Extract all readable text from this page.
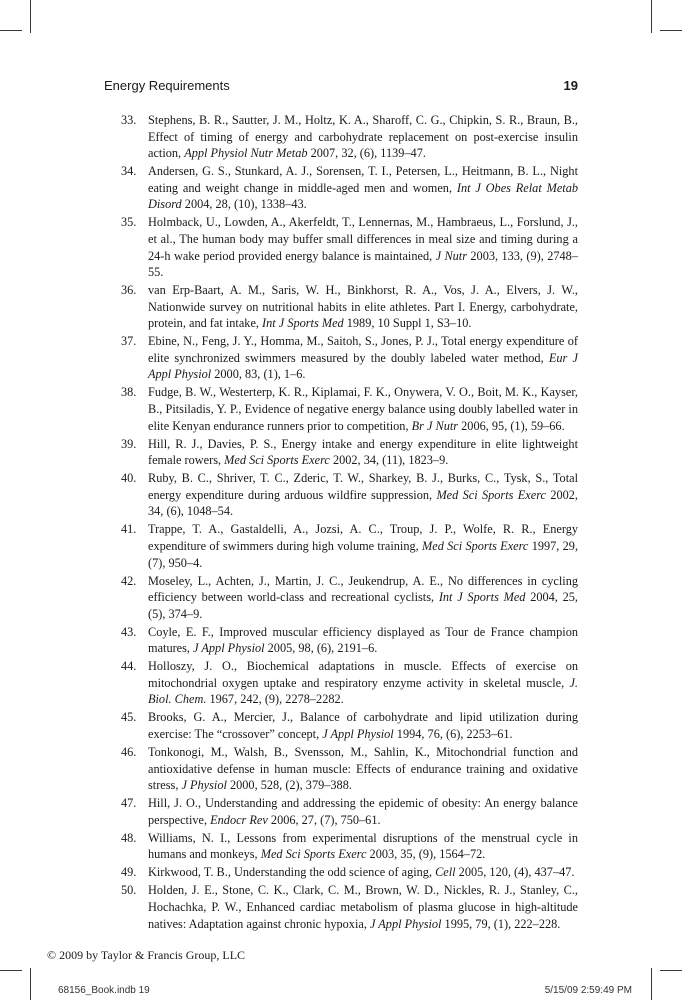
Energy Requirements	19
33. Stephens, B. R., Sautter, J. M., Holtz, K. A., Sharoff, C. G., Chipkin, S. R., Braun, B., Effect of timing of energy and carbohydrate replacement on post-exercise insulin action, Appl Physiol Nutr Metab 2007, 32, (6), 1139–47.
34. Andersen, G. S., Stunkard, A. J., Sorensen, T. I., Petersen, L., Heitmann, B. L., Night eating and weight change in middle-aged men and women, Int J Obes Relat Metab Disord 2004, 28, (10), 1338–43.
35. Holmback, U., Lowden, A., Akerfeldt, T., Lennernas, M., Hambraeus, L., Forslund, J., et al., The human body may buffer small differences in meal size and timing during a 24-h wake period provided energy balance is maintained, J Nutr 2003, 133, (9), 2748–55.
36. van Erp-Baart, A. M., Saris, W. H., Binkhorst, R. A., Vos, J. A., Elvers, J. W., Nationwide survey on nutritional habits in elite athletes. Part I. Energy, carbohydrate, protein, and fat intake, Int J Sports Med 1989, 10 Suppl 1, S3–10.
37. Ebine, N., Feng, J. Y., Homma, M., Saitoh, S., Jones, P. J., Total energy expenditure of elite synchronized swimmers measured by the doubly labeled water method, Eur J Appl Physiol 2000, 83, (1), 1–6.
38. Fudge, B. W., Westerterp, K. R., Kiplamai, F. K., Onywera, V. O., Boit, M. K., Kayser, B., Pitsiladis, Y. P., Evidence of negative energy balance using doubly labelled water in elite Kenyan endurance runners prior to competition, Br J Nutr 2006, 95, (1), 59–66.
39. Hill, R. J., Davies, P. S., Energy intake and energy expenditure in elite lightweight female rowers, Med Sci Sports Exerc 2002, 34, (11), 1823–9.
40. Ruby, B. C., Shriver, T. C., Zderic, T. W., Sharkey, B. J., Burks, C., Tysk, S., Total energy expenditure during arduous wildfire suppression, Med Sci Sports Exerc 2002, 34, (6), 1048–54.
41. Trappe, T. A., Gastaldelli, A., Jozsi, A. C., Troup, J. P., Wolfe, R. R., Energy expenditure of swimmers during high volume training, Med Sci Sports Exerc 1997, 29, (7), 950–4.
42. Moseley, L., Achten, J., Martin, J. C., Jeukendrup, A. E., No differences in cycling efficiency between world-class and recreational cyclists, Int J Sports Med 2004, 25, (5), 374–9.
43. Coyle, E. F., Improved muscular efficiency displayed as Tour de France champion matures, J Appl Physiol 2005, 98, (6), 2191–6.
44. Holloszy, J. O., Biochemical adaptations in muscle. Effects of exercise on mitochondrial oxygen uptake and respiratory enzyme activity in skeletal muscle, J. Biol. Chem. 1967, 242, (9), 2278–2282.
45. Brooks, G. A., Mercier, J., Balance of carbohydrate and lipid utilization during exercise: The “crossover” concept, J Appl Physiol 1994, 76, (6), 2253–61.
46. Tonkonogi, M., Walsh, B., Svensson, M., Sahlin, K., Mitochondrial function and antioxidative defense in human muscle: Effects of endurance training and oxidative stress, J Physiol 2000, 528, (2), 379–388.
47. Hill, J. O., Understanding and addressing the epidemic of obesity: An energy balance perspective, Endocr Rev 2006, 27, (7), 750–61.
48. Williams, N. I., Lessons from experimental disruptions of the menstrual cycle in humans and monkeys, Med Sci Sports Exerc 2003, 35, (9), 1564–72.
49. Kirkwood, T. B., Understanding the odd science of aging, Cell 2005, 120, (4), 437–47.
50. Holden, J. E., Stone, C. K., Clark, C. M., Brown, W. D., Nickles, R. J., Stanley, C., Hochachka, P. W., Enhanced cardiac metabolism of plasma glucose in high-altitude natives: Adaptation against chronic hypoxia, J Appl Physiol 1995, 79, (1), 222–228.
© 2009 by Taylor & Francis Group, LLC
68156_Book.indb 19	5/15/09 2:59:49 PM
